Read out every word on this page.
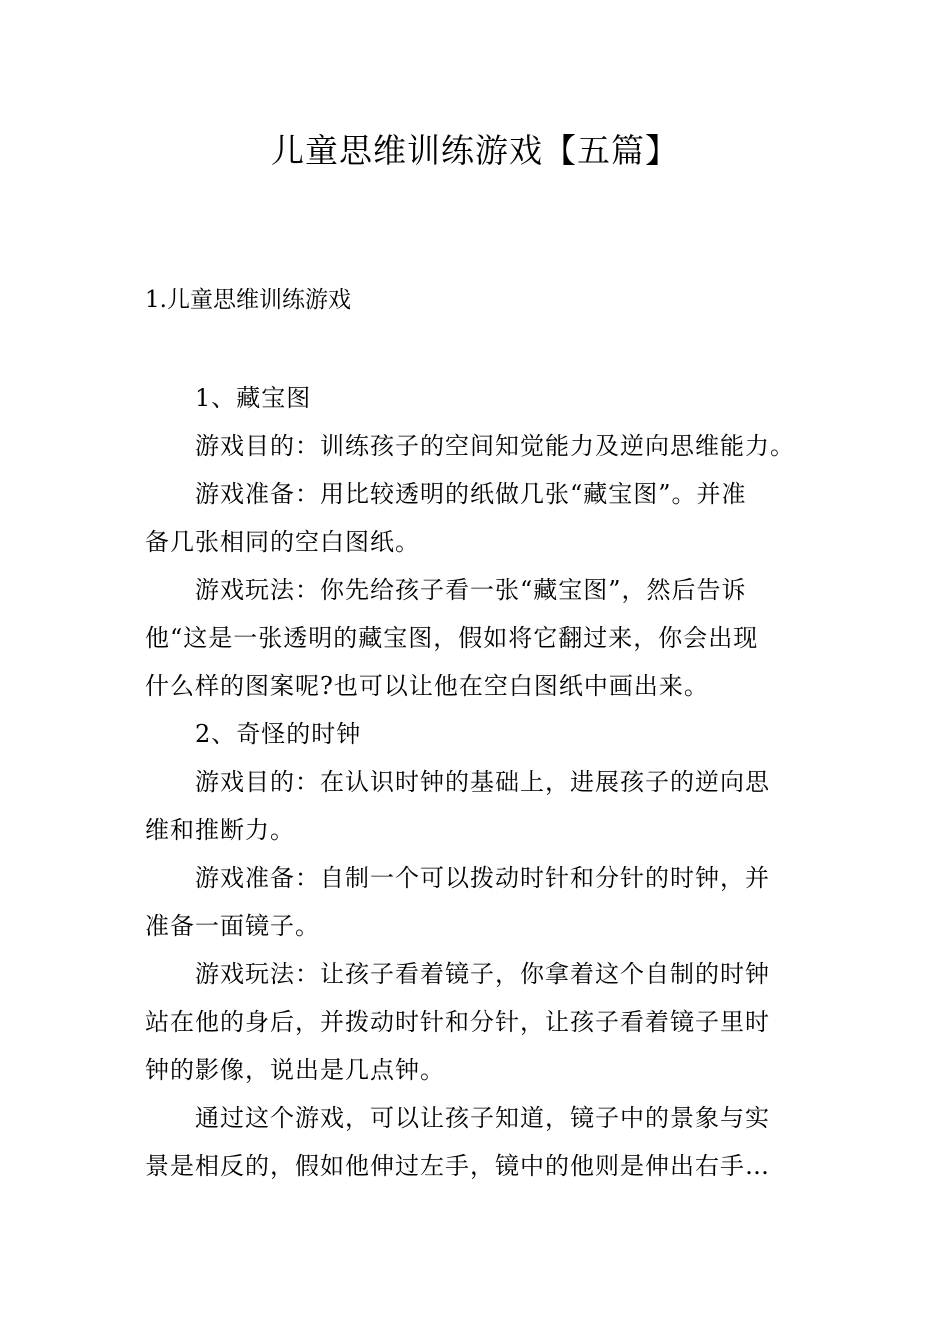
儿童思维训练游戏【五篇】
1.儿童思维训练游戏
1、藏宝图
游戏目的：训练孩子的空间知觉能力及逆向思维能力。
游戏准备：用比较透明的纸做几张“藏宝图”。并准
备几张相同的空白图纸。
游戏玩法：你先给孩子看一张“藏宝图”，然后告诉
他“这是一张透明的藏宝图，假如将它翻过来，你会出现
什么样的图案呢?也可以让他在空白图纸中画出来。
2、奇怪的时钟
游戏目的：在认识时钟的基础上，进展孩子的逆向思
维和推断力。
游戏准备：自制一个可以拨动时针和分针的时钟，并
准备一面镜子。
游戏玩法：让孩子看着镜子，你拿着这个自制的时钟
站在他的身后，并拨动时针和分针，让孩子看着镜子里时
钟的影像，说出是几点钟。
通过这个游戏，可以让孩子知道，镜子中的景象与实
景是相反的，假如他伸过左手，镜中的他则是伸出右手…
